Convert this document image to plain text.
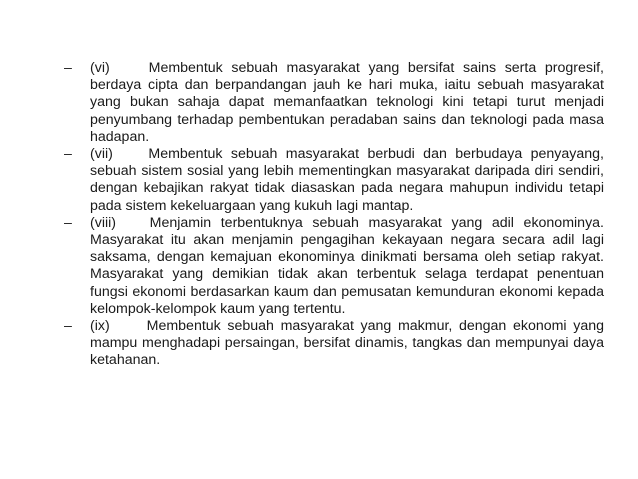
–	(vi)	Membentuk sebuah masyarakat yang bersifat sains serta progresif, berdaya cipta dan berpandangan jauh ke hari muka, iaitu sebuah masyarakat yang bukan sahaja dapat memanfaatkan teknologi kini tetapi turut menjadi penyumbang terhadap pembentukan peradaban sains dan teknologi pada masa hadapan.
–	(vii)	Membentuk sebuah masyarakat berbudi dan berbudaya penyayang, sebuah sistem sosial yang lebih mementingkan masyarakat daripada diri sendiri, dengan kebajikan rakyat tidak diasaskan pada negara mahupun individu tetapi pada sistem kekeluargaan yang kukuh lagi mantap.
–	(viii) Menjamin terbentuknya sebuah masyarakat yang adil ekonominya. Masyarakat itu akan menjamin pengagihan kekayaan negara secara adil lagi saksama, dengan kemajuan ekonominya dinikmati bersama oleh setiap rakyat. Masyarakat yang demikian tidak akan terbentuk selaga terdapat penentuan fungsi ekonomi berdasarkan kaum dan pemusatan kemunduran ekonomi kepada kelompok-kelompok kaum yang tertentu.
–	(ix)	Membentuk sebuah masyarakat yang makmur, dengan ekonomi yang mampu menghadapi persaingan, bersifat dinamis, tangkas dan mempunyai daya ketahanan.
